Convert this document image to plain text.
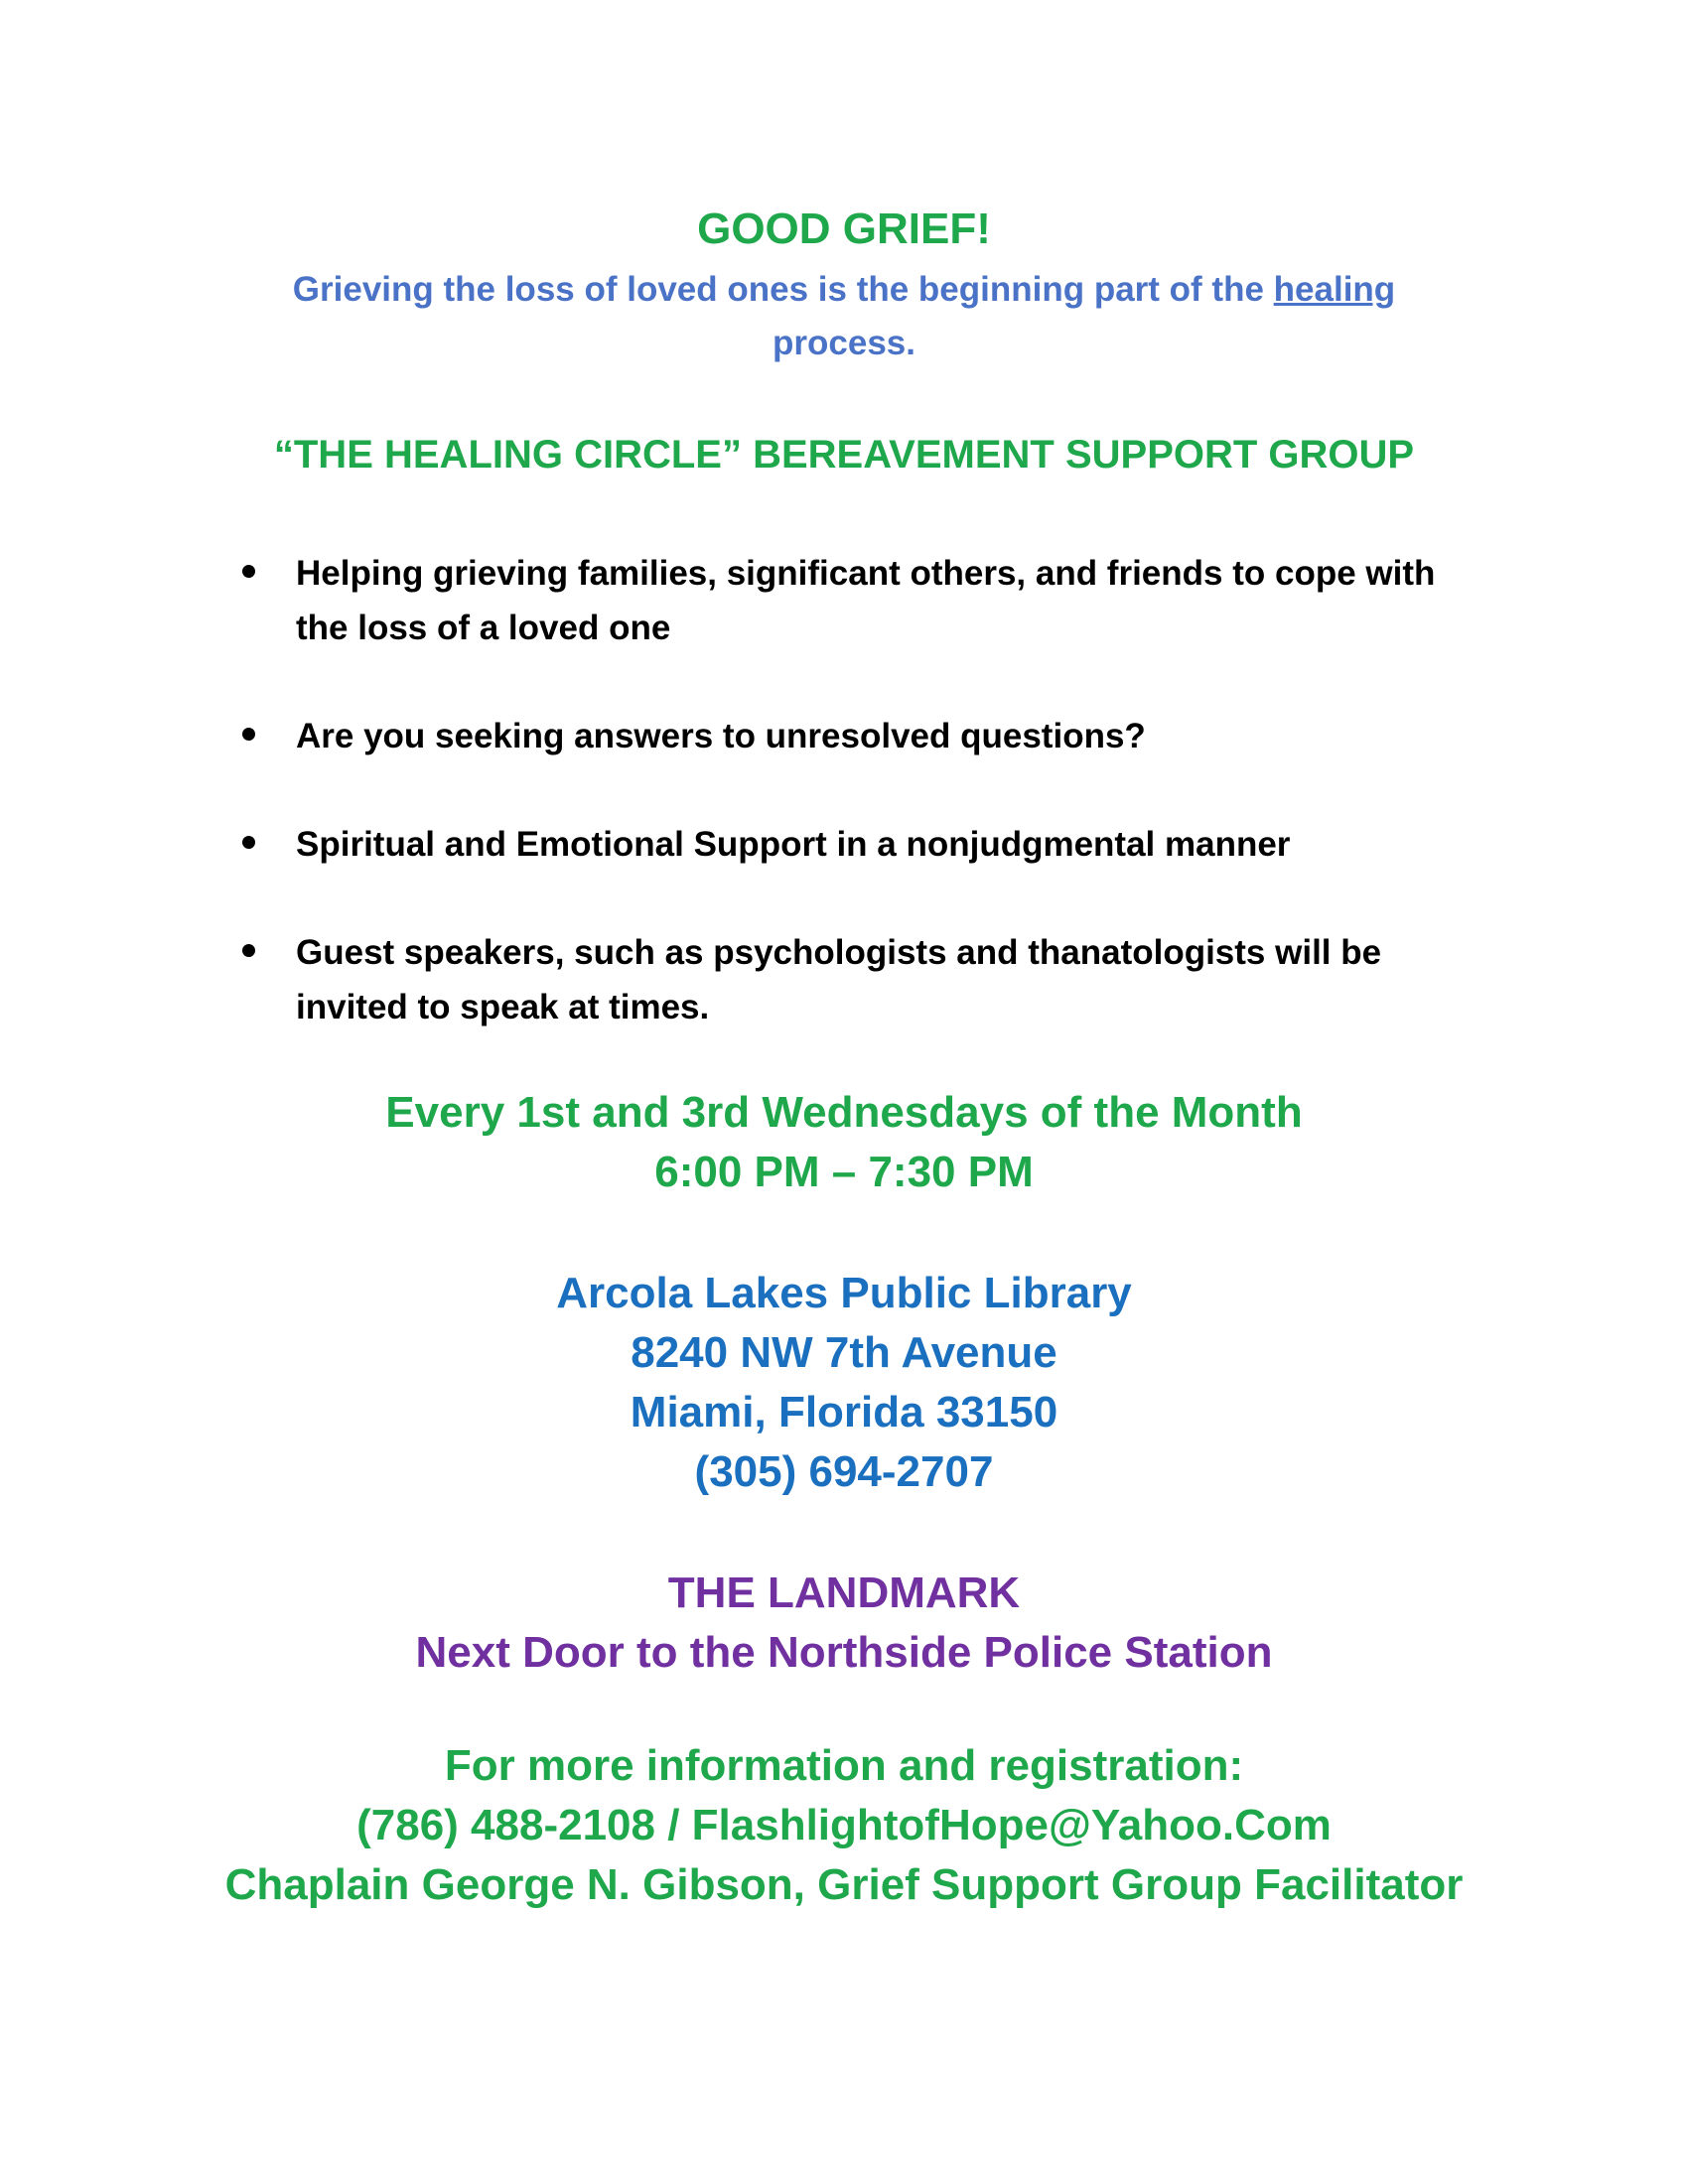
GOOD GRIEF!
Grieving the loss of loved ones is the beginning part of the healing
process.
“THE HEALING CIRCLE” BEREAVEMENT SUPPORT GROUP
Helping grieving families, significant others, and friends to cope with the loss of a loved one
Are you seeking answers to unresolved questions?
Spiritual and Emotional Support in a nonjudgmental manner
Guest speakers, such as psychologists and thanatologists will be invited to speak at times.
Every 1st and 3rd Wednesdays of the Month
6:00 PM – 7:30 PM
Arcola Lakes Public Library
8240 NW 7th Avenue
Miami, Florida 33150
(305) 694-2707
THE LANDMARK
Next Door to the Northside Police Station
For more information and registration:
(786) 488-2108 / FlashlightofHope@Yahoo.Com
Chaplain George N. Gibson, Grief Support Group Facilitator
